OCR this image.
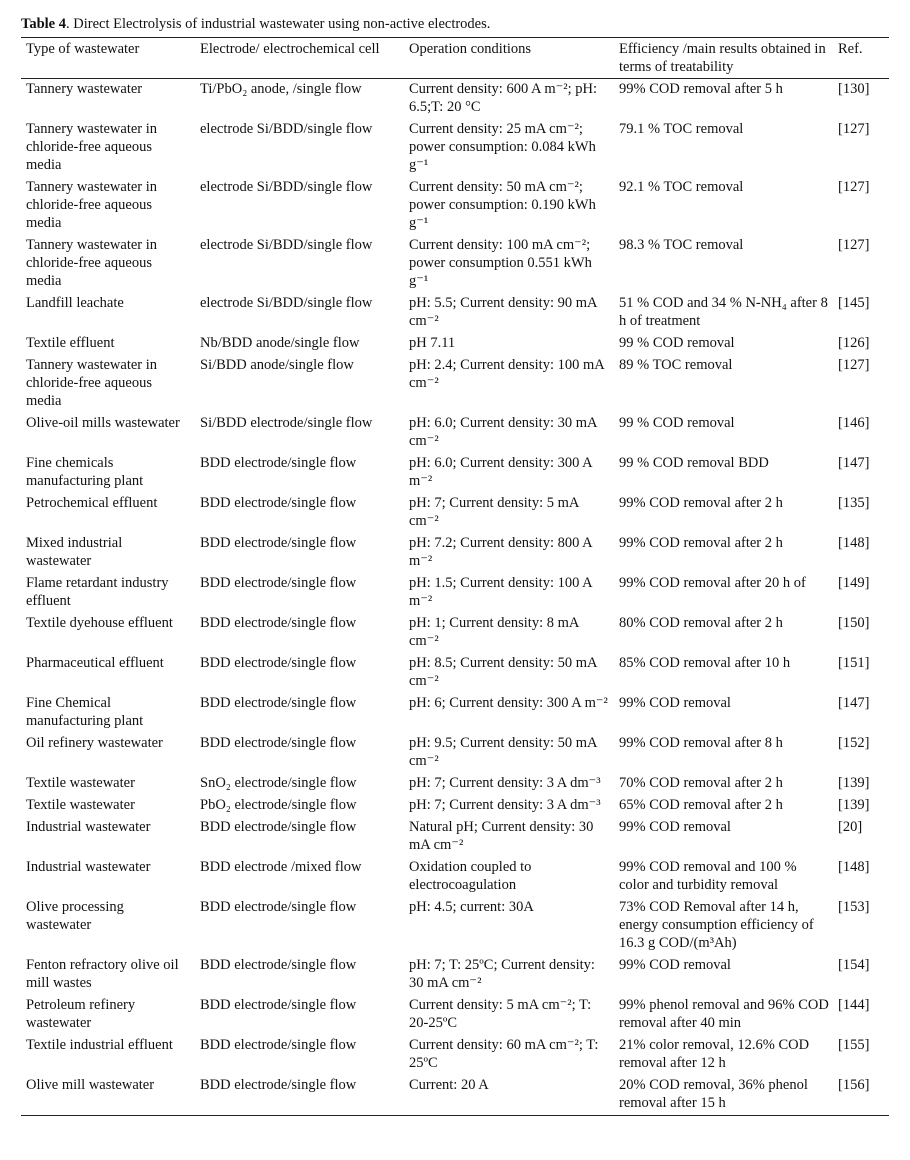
Table 4. Direct Electrolysis of industrial wastewater using non-active electrodes.
Type of wastewater	Electrode/ electrochemical cell	Operation conditions	Efficiency /main results obtained in terms of treatability	Ref.
Tannery wastewater	Ti/PbO₂ anode, /single flow	Current density: 600 A m⁻²; pH: 6.5;T: 20 °C	99% COD removal after 5 h	[130]
Tannery wastewater in chloride-free aqueous media	electrode Si/BDD/single flow	Current density: 25 mA cm⁻²; power consumption: 0.084 kWh g⁻¹	79.1 % TOC removal	[127]
Tannery wastewater in chloride-free aqueous media	electrode Si/BDD/single flow	Current density: 50 mA cm⁻²; power consumption: 0.190 kWh g⁻¹	92.1 % TOC removal	[127]
Tannery wastewater in chloride-free aqueous media	electrode Si/BDD/single flow	Current density: 100 mA cm⁻²; power consumption 0.551 kWh g⁻¹	98.3 % TOC removal	[127]
Landfill leachate	electrode Si/BDD/single flow	pH: 5.5; Current density: 90 mA cm⁻²	51 % COD and 34 % N-NH₄ after 8 h of treatment	[145]
Textile effluent	Nb/BDD anode/single flow	pH 7.11	99 % COD removal	[126]
Tannery wastewater in chloride-free aqueous media	Si/BDD anode/single flow	pH: 2.4; Current density: 100 mA cm⁻²	89 % TOC removal	[127]
Olive-oil mills wastewater	Si/BDD electrode/single flow	pH: 6.0; Current density: 30 mA cm⁻²	99 % COD removal	[146]
Fine chemicals manufacturing plant	BDD electrode/single flow	pH: 6.0; Current density: 300 A m⁻²	99 % COD removal BDD	[147]
Petrochemical effluent	BDD electrode/single flow	pH: 7; Current density: 5 mA cm⁻²	99% COD removal after 2 h	[135]
Mixed industrial wastewater	BDD electrode/single flow	pH: 7.2; Current density: 800 A m⁻²	99% COD removal after 2 h	[148]
Flame retardant industry effluent	BDD electrode/single flow	pH: 1.5; Current density: 100 A m⁻²	99% COD removal after 20 h of	[149]
Textile dyehouse effluent	BDD electrode/single flow	pH: 1; Current density: 8 mA cm⁻²	80% COD removal after 2 h	[150]
Pharmaceutical effluent	BDD electrode/single flow	pH: 8.5; Current density: 50 mA cm⁻²	85% COD removal after 10 h	[151]
Fine Chemical manufacturing plant	BDD electrode/single flow	pH: 6; Current density: 300 A m⁻²	99% COD removal	[147]
Oil refinery wastewater	BDD electrode/single flow	pH: 9.5; Current density: 50 mA cm⁻²	99% COD removal after 8 h	[152]
Textile wastewater	SnO₂ electrode/single flow	pH: 7; Current density: 3 A dm⁻³	70% COD removal after 2 h	[139]
Textile wastewater	PbO₂ electrode/single flow	pH: 7; Current density: 3 A dm⁻³	65% COD removal after 2 h	[139]
Industrial wastewater	BDD electrode/single flow	Natural pH; Current density: 30 mA cm⁻²	99% COD removal	[20]
Industrial wastewater	BDD electrode /mixed flow	Oxidation coupled to electrocoagulation	99% COD removal and 100 % color and turbidity removal	[148]
Olive processing wastewater	BDD electrode/single flow	pH: 4.5; current: 30A	73% COD Removal after 14 h, energy consumption efficiency of 16.3 g COD/(m³Ah)	[153]
Fenton refractory olive oil mill wastes	BDD electrode/single flow	pH: 7; T: 25ºC; Current density: 30 mA cm⁻²	99% COD removal	[154]
Petroleum refinery wastewater	BDD electrode/single flow	Current density: 5 mA cm⁻²; T: 20-25ºC	99% phenol removal and 96% COD removal after 40 min	[144]
Textile industrial effluent	BDD electrode/single flow	Current density: 60 mA cm⁻²; T: 25ºC	21% color removal, 12.6% COD removal after 12 h	[155]
Olive mill wastewater	BDD electrode/single flow	Current: 20 A	20% COD removal, 36% phenol removal after 15 h	[156]
